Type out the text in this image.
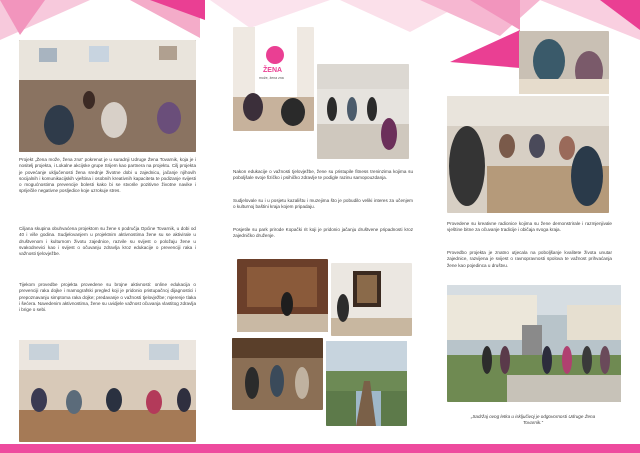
Projekt „Žena može, žena zna“ pokrenut je u suradnji Udruge Žena Tovarnik, koja je i nositelj projekta, i Lokalne akcijske grupe Srijem kao partnera na projektu. Cilj projekta je povećanje uključenosti žena srednje životne dobi u zajednicu, jačanje njihovih socijalnih i komunikacijskih vještina i osobnih kreativnih kapaciteta te podizanje svijesti o mogućnostima prevencije bolesti kako bi se stvorile pozitivne životne navike i spriječile negativne posljedice koje uzrokuje stres.

Ciljana skupina obuhvaćena projektom su žene s područja Općine Tovarnik, u dobi od 40 i više godina. Sudjelovanjem u projektnim aktivnostima žene su se aktivirale u društvenom i kulturnom životu zajednice, razvile su svijest o položaju žene u svakodnevici kao i svijest o očuvanju zdravlja kroz edukacije o prevenciji raka i važnosti tjelovježbe.

Tijekom provedbe projekta provedene su brojne aktivnosti: online edukacija o prevenciji raka dojke i mamografski pregled koji je pridonio pristupačnoj dijagnostici i prepoznavanju simptoma raka dojke; predavanje o važnosti tjelovježbe; mjerenje tlaka i šećera. Navedenim aktivnostima, žene su uvidjele važnost očuvanja vlastitog zdravlja i brige o sebi.

ŽENA
može, žena zna

Nakon edukacije o važnosti tjelovježbe, žene su pristupile fitness treninzima kojima su poboljšale svoje fizičko i psihičko zdravlje te podigle razinu samopouzdanja.

Sudjelovale su i u posjetu kazalištu i muzejima što je pobudilo veliki interes za učenjem o kulturnoj baštini kraja kojem pripadaju.

Posjetile su park prirode Kopački rit koji je pridonio jačanju društvene pripadnosti kroz zajedničko druženje.

Provedene su kreativne radionice kojima su žene demonstrirale i razmjenjivale vještine bitne za očuvanje tradicije i običaja svoga kraja.

Provedbo projekta je znatno utjecala na poboljšanje kvalitete života unutar zajednice, razvijena je svijest o ravnopravnosti spolova te važnost prihvaćanja žene kao pojedinca u društvu.

„Sadržaj ovog letka u isključivoj je odgovornosti Udruge Žena Tovarnik.“
